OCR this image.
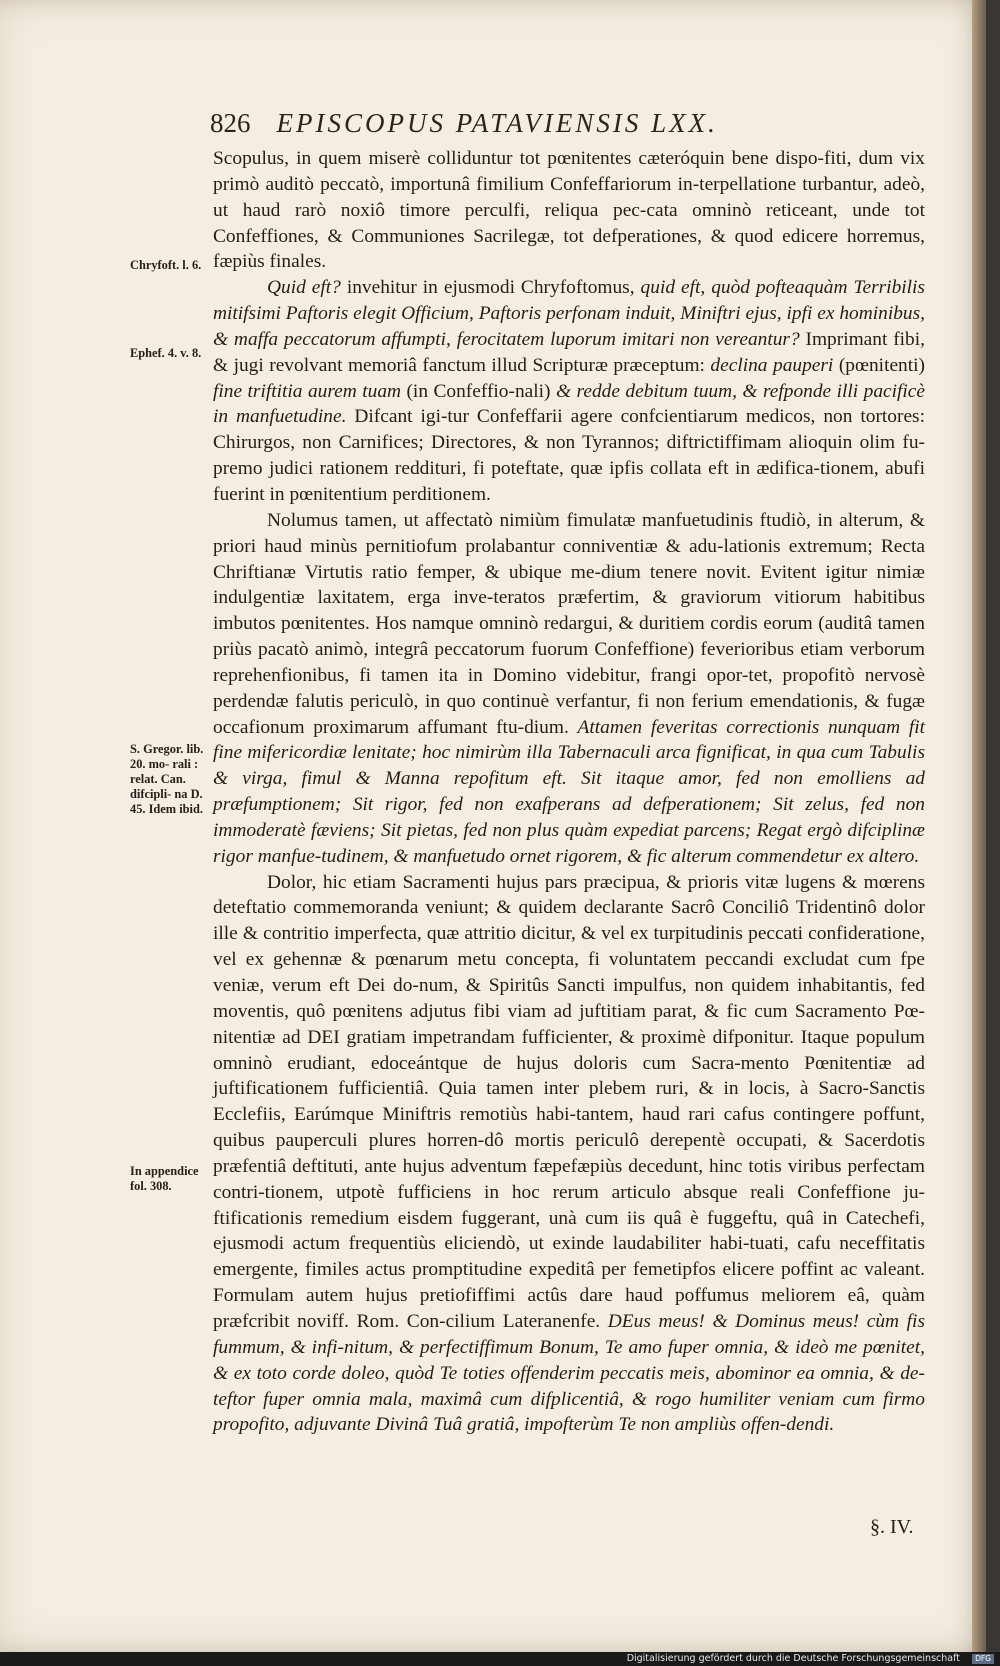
826 EPISCOPUS PATAVIENSIS LXX.
Chryfoft. l. 6.
Ephef. 4. v. 8.
S. Gregor. lib. 20. mo- rali : relat. Can. difcipli- na D. 45. Idem ibid.
In appendice fol. 308.

Scopulus, in quem miserè colliduntur tot pœnitentes cæteróquin bene dispo-fiti, dum vix primò auditò peccatò, importunâ fimilium Confeffariorum in-terpellatione turbantur, adeò, ut haud rarò noxiô timore perculfi, reliqua pec-cata omninò reticeant, unde tot Confeffiones, & Communiones Sacrilegæ, tot defperationes, & quod edicere horremus, fæpiùs finales.

Quid eft? invehitur in ejusmodi Chryfoftomus, quid eft, quòd pofteaquàm Terribilis mitifsimi Paftoris elegit Officium, Paftoris perfonam induit, Miniftri ejus, ipfi ex hominibus, & maffa peccatorum affumpti, ferocitatem luporum imitari non vereantur? Imprimant fibi, & jugi revolvant memoriâ fanctum illud Scripturæ præceptum: declina pauperi (pœnitenti) fine triftitia aurem tuam (in Confeffio-nali) & redde debitum tuum, & refponde illi pacificè in manfuetudine. Difcant igi-tur Confeffarii agere confcientiarum medicos, non tortores: Chirurgos, non Carnifices; Directores, & non Tyrannos; diftrictiffimam alioquin olim fu-premo judici rationem reddituri, fi poteftate, quæ ipfis collata eft in ædifica-tionem, abufi fuerint in pœnitentium perditionem.

Nolumus tamen, ut affectatò nimiùm fimulatæ manfuetudinis ftudiò, in alterum, & priori haud minùs pernitiofum prolabantur conniventiæ & adu-lationis extremum; Recta Chriftianæ Virtutis ratio femper, & ubique me-dium tenere novit. Evitent igitur nimiæ indulgentiæ laxitatem, erga inve-teratos præfertim, & graviorum vitiorum habitibus imbutos pœnitentes. Hos namque omninò redargui, & duritiem cordis eorum (auditâ tamen priùs pacatò animò, integrâ peccatorum fuorum Confeffione) feverioribus etiam verborum reprehenfionibus, fi tamen ita in Domino videbitur, frangi opor-tet, propofitò nervosè perdendæ falutis periculò, in quo continuè verfantur, fi non ferium emendationis, & fugæ occafionum proximarum affumant ftu-dium. Attamen feveritas correctionis nunquam fit fine mifericordiæ lenitate; hoc nimirùm illa Tabernaculi arca fignificat, in qua cum Tabulis & virga, fimul & Manna repofitum eft. Sit itaque amor, fed non emolliens ad præfumptionem; Sit rigor, fed non exafperans ad defperationem; Sit zelus, fed non immoderatè fæviens; Sit pietas, fed non plus quàm expediat parcens; Regat ergò difciplinæ rigor manfue-tudinem, & manfuetudo ornet rigorem, & fic alterum commendetur ex altero.

Dolor, hic etiam Sacramenti hujus pars præcipua, & prioris vitæ lugens & mœrens deteftatio commemoranda veniunt; & quidem declarante Sacrô Conciliô Tridentinô dolor ille & contritio imperfecta, quæ attritio dicitur, & vel ex turpitudinis peccati confideratione, vel ex gehennæ & pœnarum metu concepta, fi voluntatem peccandi excludat cum fpe veniæ, verum eft Dei do-num, & Spiritûs Sancti impulfus, non quidem inhabitantis, fed moventis, quô pœnitens adjutus fibi viam ad juftitiam parat, & fic cum Sacramento Pœ-nitentiæ ad DEI gratiam impetrandam fufficienter, & proximè difponitur. Itaque populum omninò erudiant, edoceántque de hujus doloris cum Sacra-mento Pœnitentiæ ad juftificationem fufficientiâ. Quia tamen inter plebem ruri, & in locis, à Sacro-Sanctis Ecclefiis, Earúmque Miniftris remotiùs habi-tantem, haud rari cafus contingere poffunt, quibus pauperculi plures horren-dô mortis periculô derepentè occupati, & Sacerdotis præfentiâ deftituti, ante hujus adventum fæpefæpiùs decedunt, hinc totis viribus perfectam contri-tionem, utpotè fufficiens in hoc rerum articulo absque reali Confeffione ju-ftificationis remedium eisdem fuggerant, unà cum iis quâ è fuggeftu, quâ in Catechefi, ejusmodi actum frequentiùs eliciendò, ut exinde laudabiliter habi-tuati, cafu neceffitatis emergente, fimiles actus promptitudine expeditâ per femetipfos elicere poffint ac valeant. Formulam autem hujus pretiofiffimi actûs dare haud poffumus meliorem eâ, quàm præfcribit noviff. Rom. Con-cilium Lateranenfe. DEus meus! & Dominus meus! cùm fis fummum, & infi-nitum, & perfectiffimum Bonum, Te amo fuper omnia, & ideò me pœnitet, & ex toto corde doleo, quòd Te toties offenderim peccatis meis, abominor ea omnia, & de-teftor fuper omnia mala, maximâ cum difplicentiâ, & rogo humiliter veniam cum firmo propofito, adjuvante Divinâ Tuâ gratiâ, impofterùm Te non ampliùs offen-dendi.

§. IV.
Digitalisierung gefördert durch die Deutsche Forschungsgemeinschaft	DFG
